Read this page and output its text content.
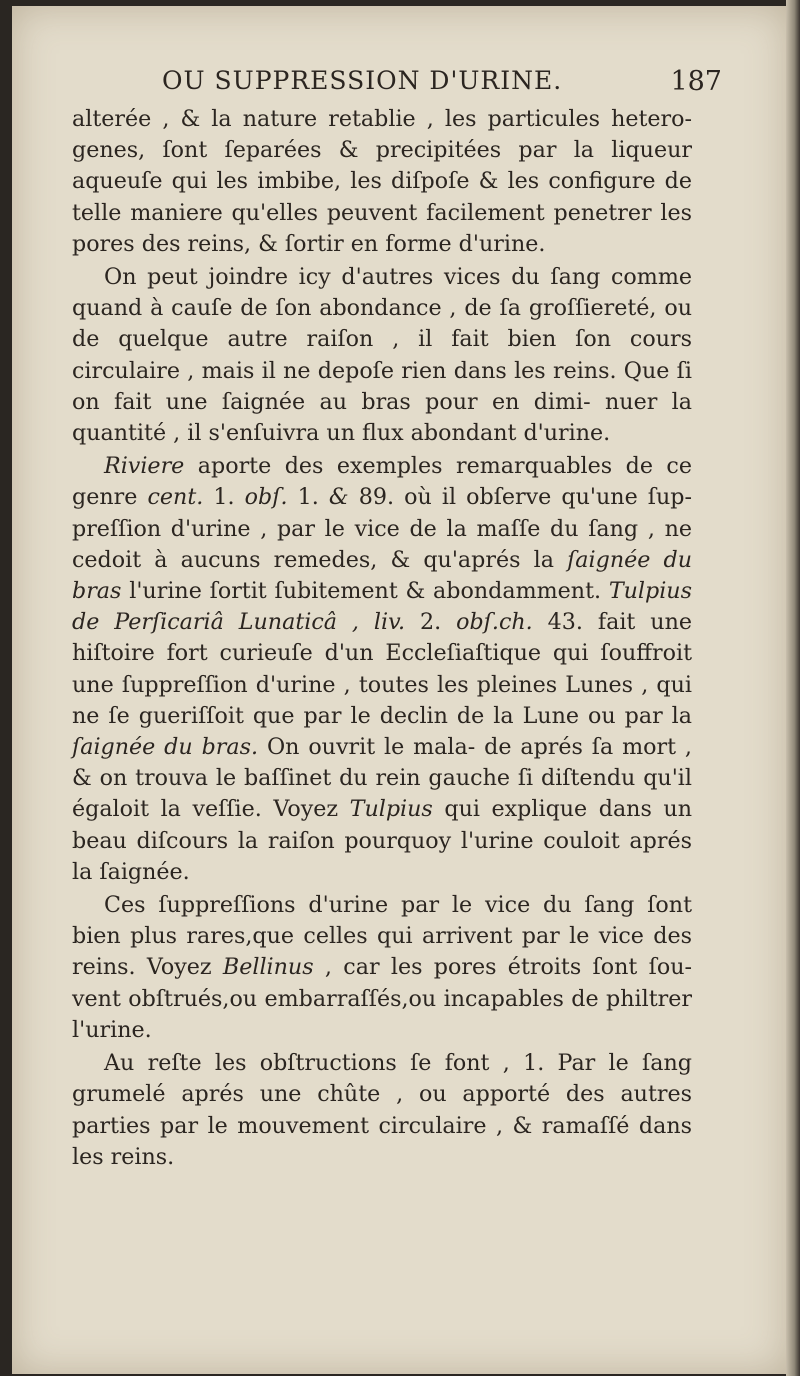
OU SUPPRESSION D'URINE.	187

alterée , & la nature retablie , les particules hetero- genes, ſont ſeparées & precipitées par la liqueur aqueuſe qui les imbibe, les diſpoſe & les configure de telle maniere qu'elles peuvent facilement penetrer les pores des reins, & ſortir en forme d'urine.

On peut joindre icy d'autres vices du ſang comme quand à cauſe de ſon abondance , de ſa groſſiereté, ou de quelque autre raiſon , il fait bien ſon cours circulaire , mais il ne depoſe rien dans les reins. Que ſi on fait une ſaignée au bras pour en dimi- nuer la quantité , il s'enſuivra un flux abondant d'urine.

Riviere aporte des exemples remarquables de ce genre cent. 1. obſ. 1. & 89. où il obſerve qu'une ſup- preſſion d'urine , par le vice de la maſſe du ſang , ne cedoit à aucuns remedes, & qu'aprés la ſaignée du bras l'urine ſortit ſubitement & abondamment. Tulpius de Perſicariâ Lunaticâ , liv. 2. obſ.ch. 43. fait une hiſtoire fort curieuſe d'un Eccleſiaſtique qui ſouffroit une ſuppreſſion d'urine , toutes les pleines Lunes , qui ne ſe gueriſſoit que par le declin de la Lune ou par la ſaignée du bras. On ouvrit le mala- de aprés ſa mort , & on trouva le baſſinet du rein gauche ſi diſtendu qu'il égaloit la veſſie. Voyez Tulpius qui explique dans un beau diſcours la raiſon pourquoy l'urine couloit aprés la ſaignée.

Ces ſuppreſſions d'urine par le vice du ſang ſont bien plus rares,que celles qui arrivent par le vice des reins. Voyez Bellinus , car les pores étroits ſont ſou- vent obſtrués,ou embarraſſés,ou incapables de philtrer l'urine.

Au reſte les obſtructions ſe font , 1. Par le ſang grumelé aprés une chûte , ou apporté des autres parties par le mouvement circulaire , & ramaſſé dans les reins.
